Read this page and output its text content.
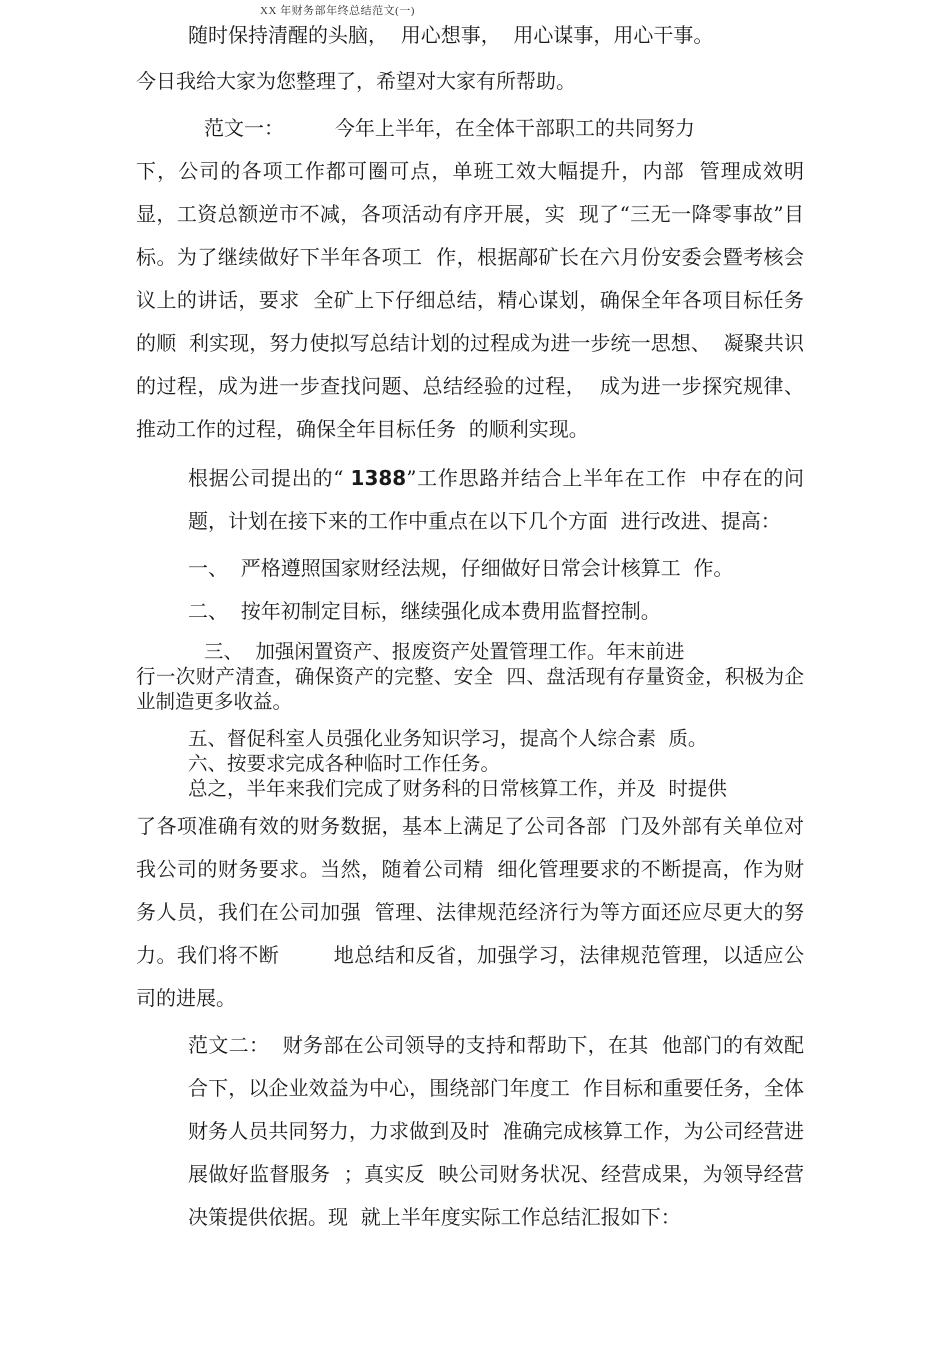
XX 年财务部年终总结范文(一)

随时保持清醒的头脑，  用心想事，  用心谋事，用心干事。

今日我给大家为您整理了，希望对大家有所帮助。

范文一：        今年上半年，在全体干部职工的共同努力

下，公司的各项工作都可圈可点，单班工效大幅提升，内部  管理成效明显，工资总额逆市不减，各项活动有序开展，实  现了“三无一降零事故”目标。为了继续做好下半年各项工  作，根据鄗矿长在六月份安委会暨考核会议上的讲话，要求  全矿上下仔细总结，精心谋划，确保全年各项目标任务的顺  利实现，努力使拟写总结计划的过程成为进一步统一思想、  凝聚共识的过程，成为进一步查找问题、总结经验的过程，  成为进一步探究规律、推动工作的过程，确保全年目标任务  的顺利实现。

根据公司提出的“ 1388”工作思路并结合上半年在工作  中存在的问题，计划在接下来的工作中重点在以下几个方面  进行改进、提高：

一、  严格遵照国家财经法规，仔细做好日常会计核算工  作。

二、  按年初制定目标，继续强化成本费用监督控制。

三、  加强闲置资产、报废资产处置管理工作。年末前进

行一次财产清查，确保资产的完整、安全  四、盘活现有存量资金，积极为企业制造更多收益。

五、督促科室人员强化业务知识学习，提高个人综合素  质。

六、按要求完成各种临时工作任务。

总之，半年来我们完成了财务科的日常核算工作，并及  时提供

了各项准确有效的财务数据，基本上满足了公司各部  门及外部有关单位对我公司的财务要求。当然，随着公司精  细化管理要求的不断提高，作为财务人员，我们在公司加强  管理、法律规范经济行为等方面还应尽更大的努力。我们将不断        地总结和反省，加强学习，法律规范管理，以适应公司的进展。

范文二：  财务部在公司领导的支持和帮助下，在其  他部门的有效配合下，以企业效益为中心，围绕部门年度工  作目标和重要任务，全体财务人员共同努力，力求做到及时  准确完成核算工作，为公司经营进展做好监督服务  ；真实反  映公司财务状况、经营成果，为领导经营决策提供依据。现  就上半年度实际工作总结汇报如下：
